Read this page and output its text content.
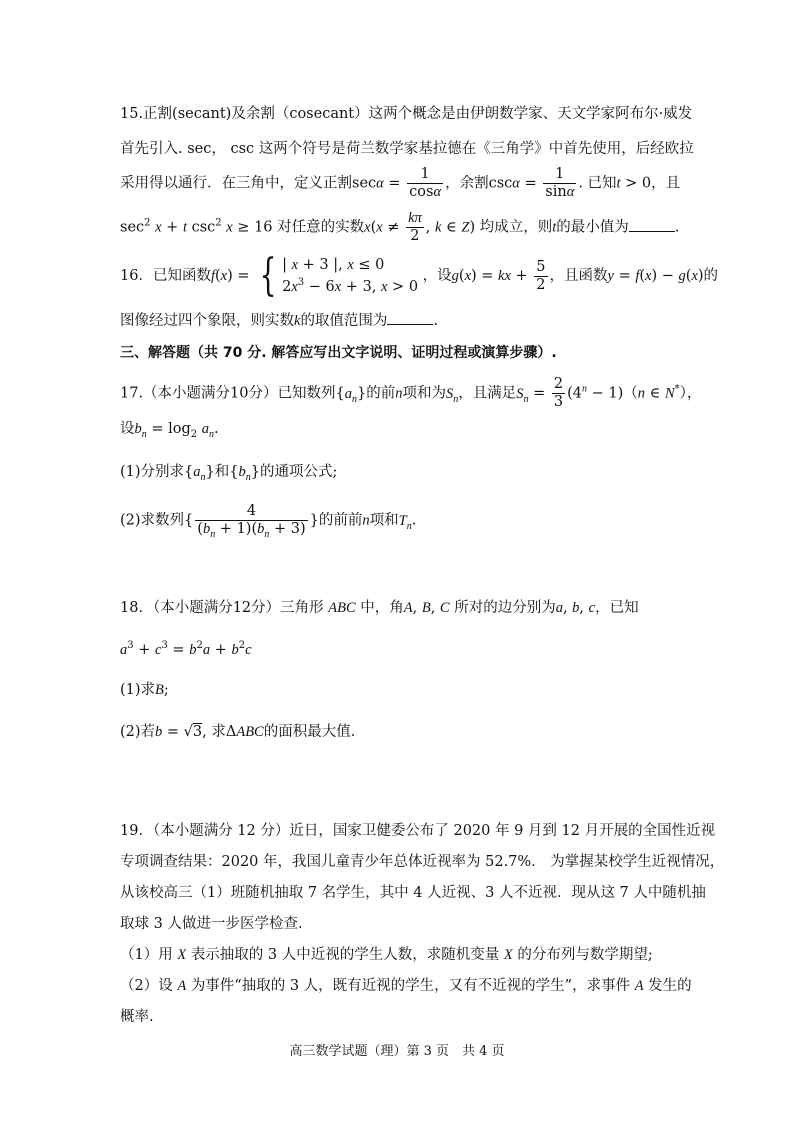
15.正割(secant)及余割（cosecant）这两个概念是由伊朗数学家、天文学家阿布尔·威发
首先引入. sec， csc 这两个符号是荷兰数学家基拉德在《三角学》中首先使用，后经欧拉
采用得以通行．在三角中，定义正割$\sec\alpha = \frac{1}{\cos\alpha}$ ，余割$\csc\alpha = \frac{1}{\sin\alpha}$ . 已知t > 0，且
$\sec^2 x + t$ $\csc^2 x \ge 16$ 对任意的实数$x(x \ne \frac{k\pi}{2}$ , k ∈ Z) 均成立，则t的最小值为	.
16．已知函数f(x) = { | x + 3 |, x ≤ 0
$2x^3 - 6x + 3$, x > 0
，设g(x) = kx + $\frac{5}{2}$ ，且函数y = f(x) − g(x)的
图像经过四个象限，则实数k的取值范围为	.
三、解答题（共 70 分. 解答应写出文字说明、证明过程或演算步骤）.
17.（本小题满分10分）已知数列$\{a_n\}$的前n项和为$S_n$，且满足$S_n = \frac{2}{3} (4^n - 1)(n$ ∈ N*），
设$b_n = \log_2 a_n$.
(1)分别求$\{a_n\}$和$\{b_n\}$的通项公式;
(2)求数列{ $\frac{4}{(b_n + 1)(b_n + 3)}$ }的前前n项和$T_n$.
18．（本小题满分12分）三角形 ABC 中，角A, B, C 所对的边分别为a, b, c，已知
$a^3 + c^3 = b^2a + b^2c$
(1)求B;
(2)若b = √3, 求ΔABC的面积最大值.
19．（本小题满分 12 分）近日，国家卫健委公布了 2020 年 9 月到 12 月开展的全国性近视
专项调查结果：2020 年，我国儿童青少年总体近视率为 52.7%． 为掌握某校学生近视情况，
从该校高三（1）班随机抽取 7 名学生，其中 4 人近视、3 人不近视．现从这 7 人中随机抽
取球 3 人做进一步医学检查.
（1）用 X 表示抽取的 3 人中近视的学生人数，求随机变量 X 的分布列与数学期望;
（2）设 A 为事件“抽取的 3 人，既有近视的学生，又有不近视的学生”，求事件 A 发生的
概率.
高三数学试题（理）第 3 页　共 4 页
